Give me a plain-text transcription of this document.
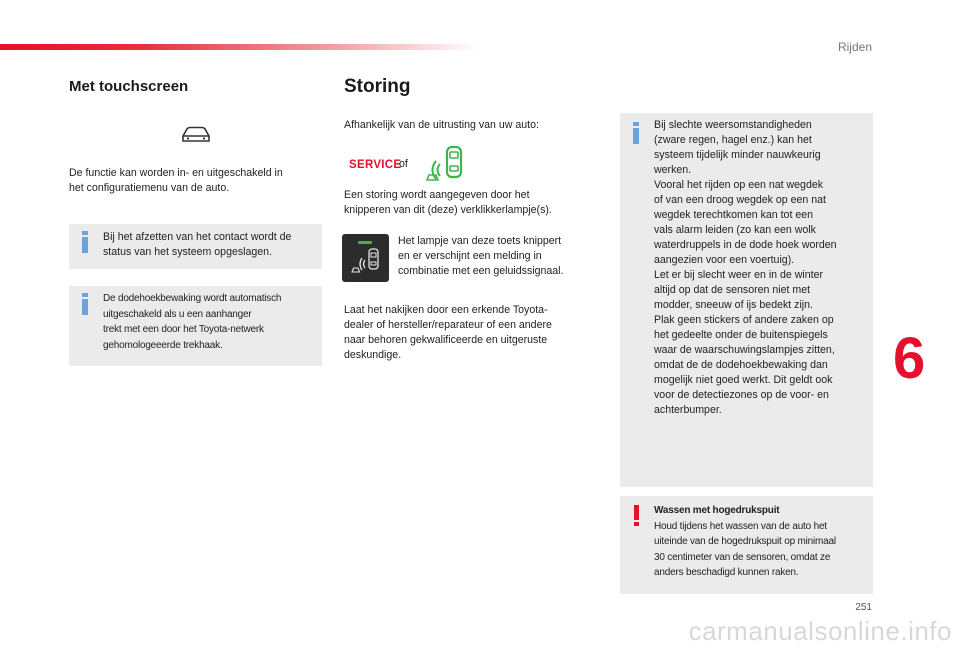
Rijden
Met touchscreen
De functie kan worden in- en uitgeschakeld in
het configuratiemenu van de auto.
Bij het afzetten van het contact wordt de
status van het systeem opgeslagen.
De dodehoekbewaking wordt automatisch
uitgeschakeld als u een aanhanger
trekt met een door het Toyota-netwerk
gehomologeeerde trekhaak.
Storing
Afhankelijk van de uitrusting van uw auto:
SERVICE
of
Een storing wordt aangegeven door het
knipperen van dit (deze) verklikkerlampje(s).
Het lampje van deze toets knippert
en er verschijnt een melding in
combinatie met een geluidssignaal.
Laat het nakijken door een erkende Toyota-
dealer of hersteller/reparateur of een andere
naar behoren gekwalificeerde en uitgeruste
deskundige.
Bij slechte weersomstandigheden
(zware regen, hagel enz.) kan het
systeem tijdelijk minder nauwkeurig
werken.
Vooral het rijden op een nat wegdek
of van een droog wegdek op een nat
wegdek terechtkomen kan tot een
vals alarm leiden (zo kan een wolk
waterdruppels in de dode hoek worden
aangezien voor een voertuig).
Let er bij slecht weer en in de winter
altijd op dat de sensoren niet met
modder, sneeuw of ijs bedekt zijn.
Plak geen stickers of andere zaken op
het gedeelte onder de buitenspiegels
waar de waarschuwingslampjes zitten,
omdat de de dodehoekbewaking dan
mogelijk niet goed werkt. Dit geldt ook
voor de detectiezones op de voor- en
achterbumper.
Wassen met hogedrukspuit
Houd tijdens het wassen van de auto het
uiteinde van de hogedrukspuit op minimaal
30 centimeter van de sensoren, omdat ze
anders beschadigd kunnen raken.
6
251
carmanualsonline.info
